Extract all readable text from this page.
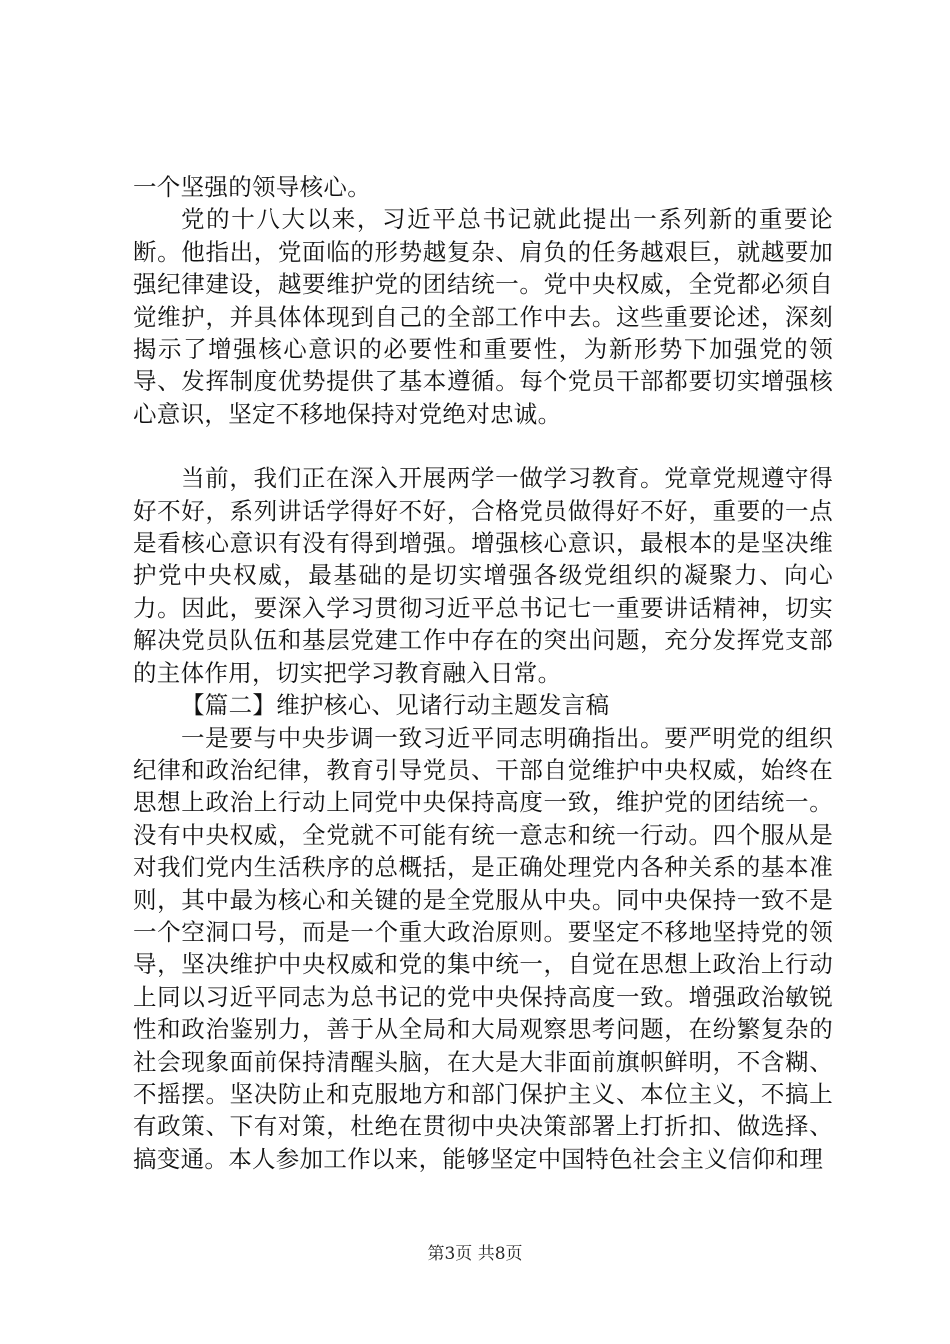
一个坚强的领导核心。

党的十八大以来，习近平总书记就此提出一系列新的重要论断。他指出，党面临的形势越复杂、肩负的任务越艰巨，就越要加强纪律建设，越要维护党的团结统一。党中央权威，全党都必须自觉维护，并具体体现到自己的全部工作中去。这些重要论述，深刻揭示了增强核心意识的必要性和重要性，为新形势下加强党的领导、发挥制度优势提供了基本遵循。每个党员干部都要切实增强核心意识，坚定不移地保持对党绝对忠诚。

当前，我们正在深入开展两学一做学习教育。党章党规遵守得好不好，系列讲话学得好不好，合格党员做得好不好，重要的一点是看核心意识有没有得到增强。增强核心意识，最根本的是坚决维护党中央权威，最基础的是切实增强各级党组织的凝聚力、向心力。因此，要深入学习贯彻习近平总书记七一重要讲话精神，切实解决党员队伍和基层党建工作中存在的突出问题，充分发挥党支部的主体作用，切实把学习教育融入日常。

【篇二】维护核心、见诸行动主题发言稿

一是要与中央步调一致习近平同志明确指出。要严明党的组织纪律和政治纪律，教育引导党员、干部自觉维护中央权威，始终在思想上政治上行动上同党中央保持高度一致，维护党的团结统一。没有中央权威，全党就不可能有统一意志和统一行动。四个服从是对我们党内生活秩序的总概括，是正确处理党内各种关系的基本准则，其中最为核心和关键的是全党服从中央。同中央保持一致不是一个空洞口号，而是一个重大政治原则。要坚定不移地坚持党的领导，坚决维护中央权威和党的集中统一，自觉在思想上政治上行动上同以习近平同志为总书记的党中央保持高度一致。增强政治敏锐性和政治鉴别力，善于从全局和大局观察思考问题，在纷繁复杂的社会现象面前保持清醒头脑，在大是大非面前旗帜鲜明，不含糊、不摇摆。坚决防止和克服地方和部门保护主义、本位主义，不搞上有政策、下有对策，杜绝在贯彻中央决策部署上打折扣、做选择、搞变通。本人参加工作以来，能够坚定中国特色社会主义信仰和理

第3页 共8页
